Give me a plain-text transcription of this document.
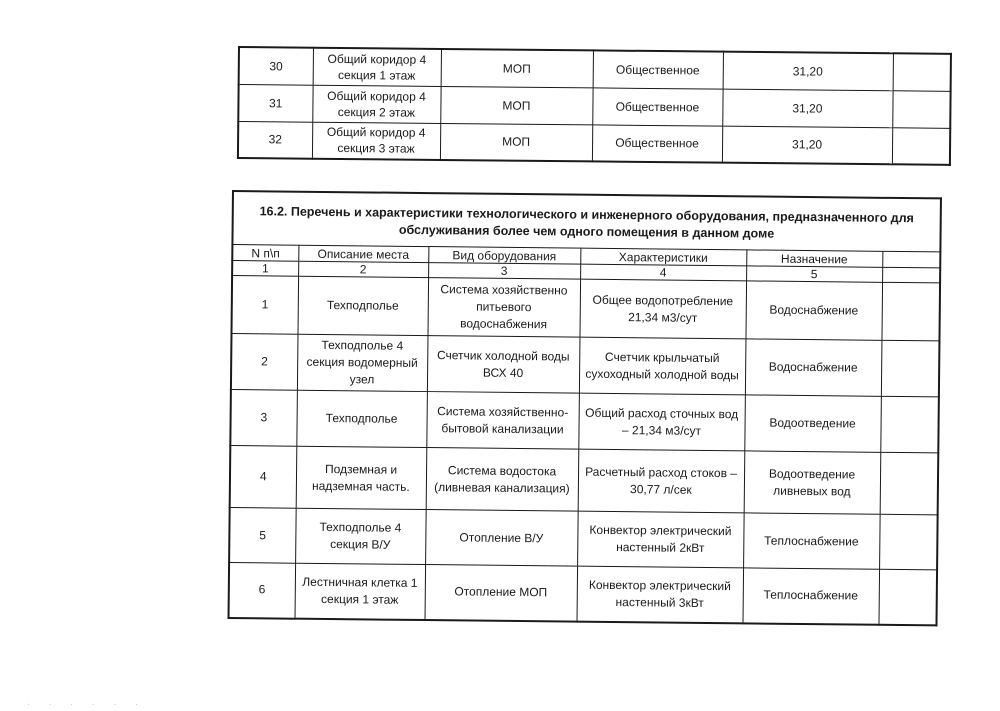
30	Общий коридор 4 секция 1 этаж	МОП	Общественное	31,20	
31	Общий коридор 4 секция 2 этаж	МОП	Общественное	31,20	
32	Общий коридор 4 секция 3 этаж	МОП	Общественное	31,20	
16.2. Перечень и характеристики технологического и инженерного оборудования, предназначенного для обслуживания более чем одного помещения в данном доме					
N п\п	Описание места	Вид оборудования	Характеристики	Назначение	
1	2	3	4	5	
1	Техподполье	Система хозяйственно питьевого водоснабжения	Общее водопотребление 21,34 м3/сут	Водоснабжение	
2	Техподполье 4 секция водомерный узел	Счетчик холодной воды ВСХ 40	Счетчик крыльчатый сухоходный холодной воды	Водоснабжение	
3	Техподполье	Система хозяйственно-бытовой канализации	Общий расход сточных вод – 21,34 м3/сут	Водоотведение	
4	Подземная и надземная часть.	Система водостока (ливневая канализация)	Расчетный расход стоков – 30,77 л/сек	Водоотведение ливневых вод	
5	Техподполье 4 секция В/У	Отопление В/У	Конвектор электрический настенный 2кВт	Теплоснабжение	
6	Лестничная клетка 1 секция 1 этаж	Отопление МОП	Конвектор электрический настенный 3кВт	Теплоснабжение	
· · · · · ·
